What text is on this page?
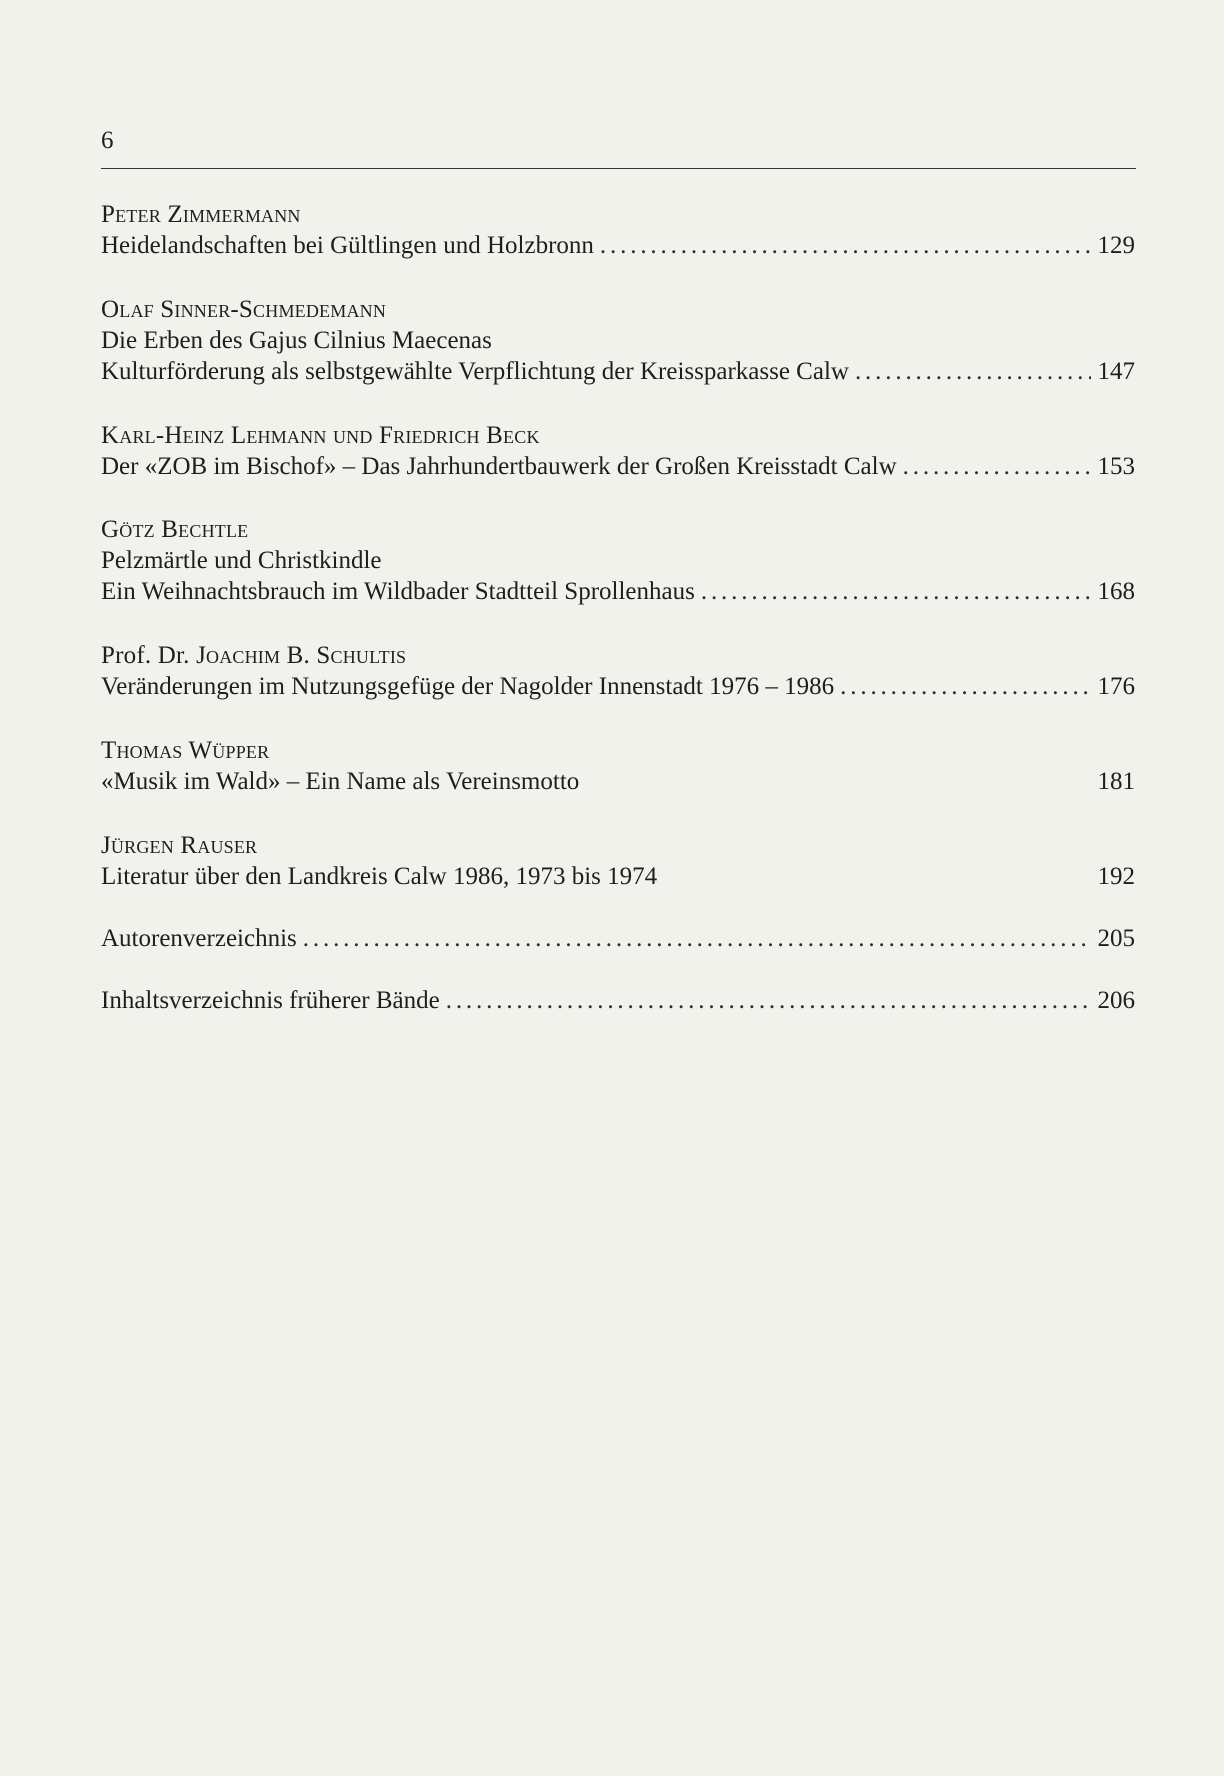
6
Peter Zimmermann
Heidelandschaften bei Gültlingen und Holzbronn . . .	129
Olaf Sinner-Schmedemann
Die Erben des Gajus Cilnius Maecenas
Kulturförderung als selbstgewählte Verpflichtung der Kreissparkasse Calw . . .	147
Karl-Heinz Lehmann und Friedrich Beck
Der «ZOB im Bischof» – Das Jahrhundertbauwerk der Großen Kreisstadt Calw . . .	153
Götz Bechtle
Pelzmärtle und Christkindle
Ein Weihnachtsbrauch im Wildbader Stadtteil Sprollenhaus . . .	168
Prof. Dr. Joachim B. Schultis
Veränderungen im Nutzungsgefüge der Nagolder Innenstadt 1976 – 1986 . . .	176
Thomas Wüpper
«Musik im Wald» – Ein Name als Vereinsmotto	181
Jürgen Rauser
Literatur über den Landkreis Calw 1986, 1973 bis 1974	192
Autorenverzeichnis . . .	205
Inhaltsverzeichnis früherer Bände . . .	206
